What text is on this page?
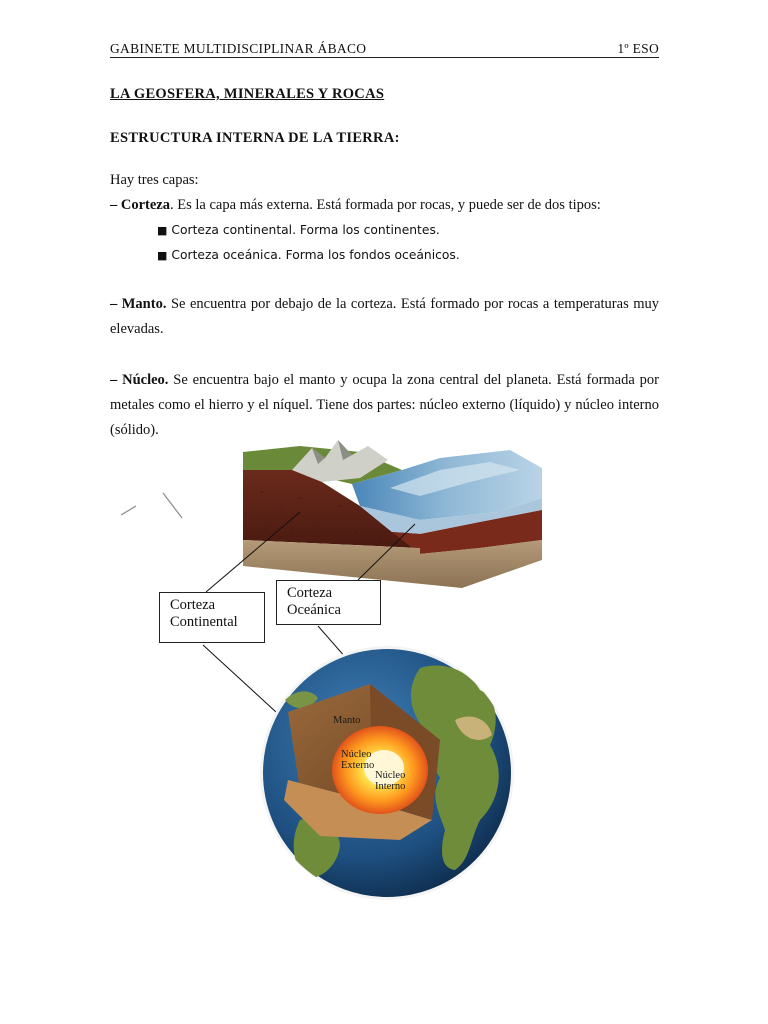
GABINETE MULTIDISCIPLINAR ÁBACO	1º ESO
LA GEOSFERA, MINERALES Y ROCAS
ESTRUCTURA INTERNA DE LA TIERRA:
Hay tres capas:
– Corteza. Es la capa más externa. Está formada por rocas, y puede ser de dos tipos:
■ Corteza continental. Forma los continentes.
■ Corteza oceánica. Forma los fondos oceánicos.
– Manto. Se encuentra por debajo de la corteza. Está formado por rocas a temperaturas muy elevadas.
– Núcleo. Se encuentra bajo el manto y ocupa la zona central del planeta. Está formada por metales como el hierro y el níquel. Tiene dos partes: núcleo externo (líquido) y núcleo interno (sólido).
Corteza
Continental
Corteza
Oceánica
Manto
Núcleo
Externo
Núcleo
Interno
